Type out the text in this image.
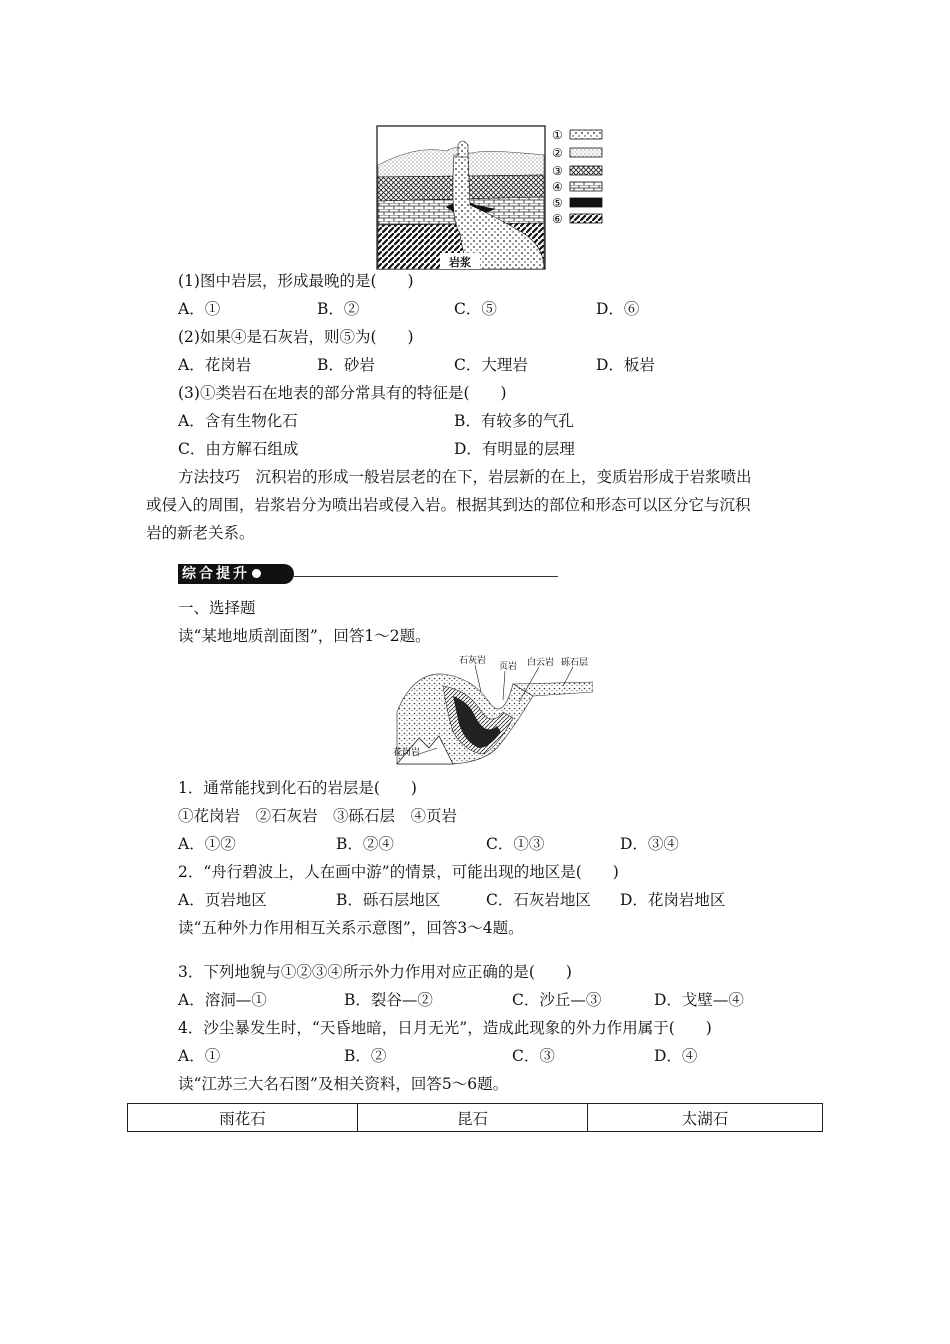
岩浆
①
②
③
④
⑤
⑥
(1)图中岩层，形成最晚的是(　　)
A．①	B．②	C．⑤	D．⑥
(2)如果④是石灰岩，则⑤为(　　)
A．花岗岩	B．砂岩	C．大理岩	D．板岩
(3)①类岩石在地表的部分常具有的特征是(　　)
A．含有生物化石	B．有较多的气孔
C．由方解石组成	D．有明显的层理
方法技巧　沉积岩的形成一般岩层老的在下，岩层新的在上，变质岩形成于岩浆喷出
或侵入的周围，岩浆岩分为喷出岩或侵入岩。根据其到达的部位和形态可以区分它与沉积
岩的新老关系。
综合提升
一、选择题
读“某地地质剖面图”，回答1～2题。
石灰岩
页岩 白云岩 砾石层
花岗岩
1．通常能找到化石的岩层是(　　)
①花岗岩　②石灰岩　③砾石层　④页岩
A．①②	B．②④	C．①③	D．③④
2．“舟行碧波上，人在画中游”的情景，可能出现的地区是(　　)
A．页岩地区	B．砾石层地区	C．石灰岩地区 D．花岗岩地区
读“五种外力作用相互关系示意图”，回答3～4题。
3．下列地貌与①②③④所示外力作用对应正确的是(　　)
A．溶洞—①	B．裂谷—②	C．沙丘—③	D．戈壁—④
4．沙尘暴发生时，“天昏地暗，日月无光”，造成此现象的外力作用属于(　　)
A．①	B．②	C．③	D．④
读“江苏三大名石图”及相关资料，回答5～6题。
雨花石	昆石	太湖石
